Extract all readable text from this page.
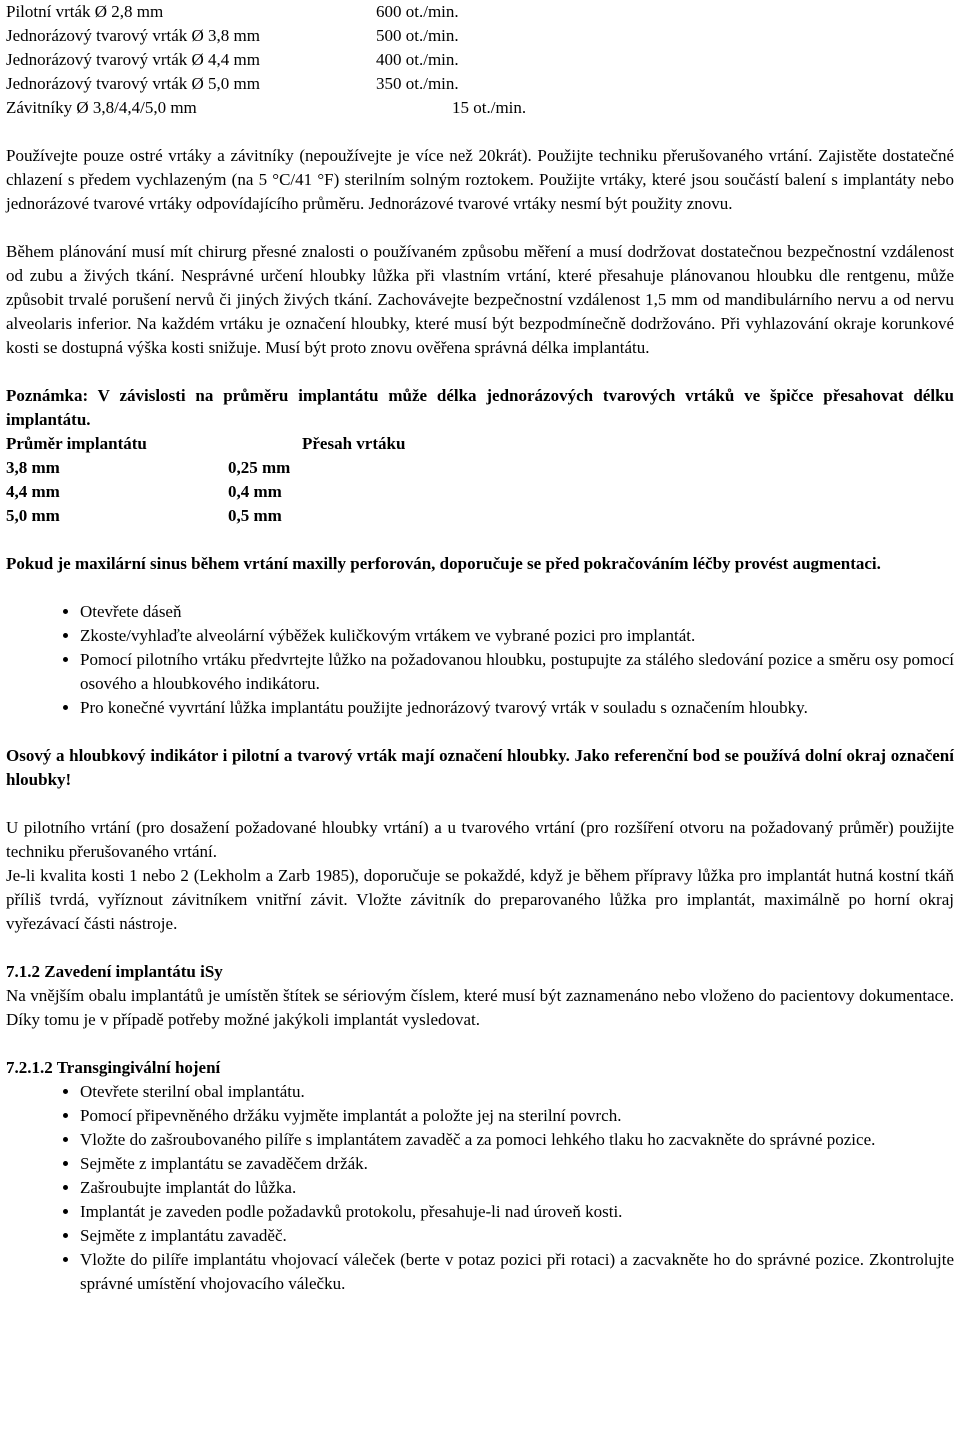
Pilotní vrták Ø 2,8 mm	600 ot./min.
Jednorázový tvarový vrták Ø 3,8 mm	500 ot./min.
Jednorázový tvarový vrták Ø 4,4 mm	400 ot./min.
Jednorázový tvarový vrták Ø 5,0 mm	350 ot./min.
Závitníky Ø 3,8/4,4/5,0 mm	15 ot./min.

Používejte pouze ostré vrtáky a závitníky (nepoužívejte je více než 20krát). Použijte techniku přerušovaného vrtání. Zajistěte dostatečné chlazení s předem vychlazeným (na 5 °C/41 °F) sterilním solným roztokem. Použijte vrtáky, které jsou součástí balení s implantáty nebo jednorázové tvarové vrtáky odpovídajícího průměru. Jednorázové tvarové vrtáky nesmí být použity znovu.

Během plánování musí mít chirurg přesné znalosti o používaném způsobu měření a musí dodržovat dostatečnou bezpečnostní vzdálenost od zubu a živých tkání. Nesprávné určení hloubky lůžka při vlastním vrtání, které přesahuje plánovanou hloubku dle rentgenu, může způsobit trvalé porušení nervů či jiných živých tkání. Zachovávejte bezpečnostní vzdálenost 1,5 mm od mandibulárního nervu a od nervu alveolaris inferior. Na každém vrtáku je označení hloubky, které musí být bezpodmínečně dodržováno. Při vyhlazování okraje korunkové kosti se dostupná výška kosti snižuje. Musí být proto znovu ověřena správná délka implantátu.

Poznámka: V závislosti na průměru implantátu může délka jednorázových tvarových vrtáků ve špičce přesahovat délku implantátu.

Průměr implantátu	Přesah vrtáku
3,8 mm	0,25 mm
4,4 mm	0,4 mm
5,0 mm	0,5 mm

Pokud je maxilární sinus během vrtání maxilly perforován, doporučuje se před pokračováním léčby provést augmentaci.

• Otevřete dáseň
• Zkoste/vyhlaďte alveolární výběžek kuličkovým vrtákem ve vybrané pozici pro implantát.
• Pomocí pilotního vrtáku předvrtejte lůžko na požadovanou hloubku, postupujte za stálého sledování pozice a směru osy pomocí osového a hloubkového indikátoru.
• Pro konečné vyvrtání lůžka implantátu použijte jednorázový tvarový vrták v souladu s označením hloubky.

Osový a hloubkový indikátor i pilotní a tvarový vrták mají označení hloubky. Jako referenční bod se používá dolní okraj označení hloubky!

U pilotního vrtání (pro dosažení požadované hloubky vrtání) a u tvarového vrtání (pro rozšíření otvoru na požadovaný průměr) použijte techniku přerušovaného vrtání.

Je-li kvalita kosti 1 nebo 2 (Lekholm a Zarb 1985), doporučuje se pokaždé, když je během přípravy lůžka pro implantát hutná kostní tkáň příliš tvrdá, vyříznout závitníkem vnitřní závit. Vložte závitník do preparovaného lůžka pro implantát, maximálně po horní okraj vyřezávací části nástroje.

7.1.2 Zavedení implantátu iSy

Na vnějším obalu implantátů je umístěn štítek se sériovým číslem, které musí být zaznamenáno nebo vloženo do pacientovy dokumentace. Díky tomu je v případě potřeby možné jakýkoli implantát vysledovat.

7.2.1.2 Transgingivální hojení
• Otevřete sterilní obal implantátu.
• Pomocí připevněného držáku vyjměte implantát a položte jej na sterilní povrch.
• Vložte do zašroubovaného pilíře s implantátem zavaděč a za pomoci lehkého tlaku ho zacvakněte do správné pozice.
• Sejměte z implantátu se zavaděčem držák.
• Zašroubujte implantát do lůžka.
• Implantát je zaveden podle požadavků protokolu, přesahuje-li nad úroveň kosti.
• Sejměte z implantátu zavaděč.
• Vložte do pilíře implantátu vhojovací váleček (berte v potaz pozici při rotaci) a zacvakněte ho do správné pozice. Zkontrolujte správné umístění vhojovacího válečku.
